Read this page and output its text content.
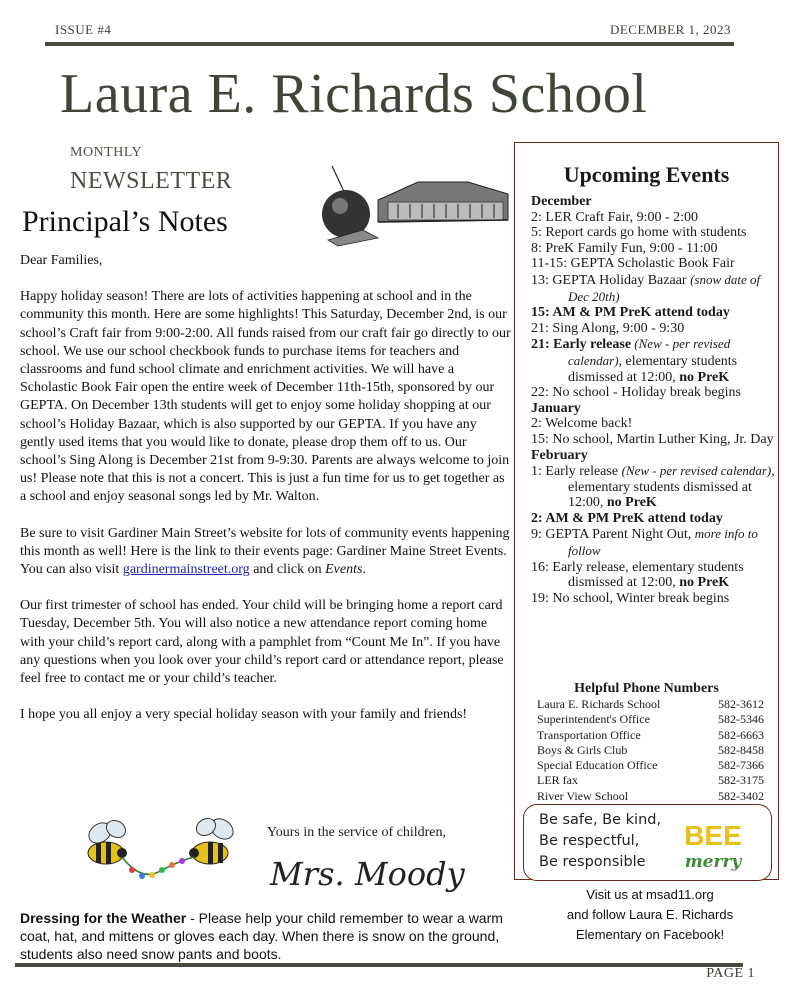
ISSUE #4	DECEMBER 1, 2023
Laura E. Richards School
MONTHLY
NEWSLETTER
Principal’s Notes

Dear Families,

Happy holiday season! There are lots of activities happening at school and in the community this month. Here are some highlights! This Saturday, December 2nd, is our school’s Craft fair from 9:00-2:00. All funds raised from our craft fair go directly to our school. We use our school checkbook funds to purchase items for teachers and classrooms and fund school climate and enrichment activities. We will have a Scholastic Book Fair open the entire week of December 11th-15th, sponsored by our GEPTA. On December 13th students will get to enjoy some holiday shopping at our school’s Holiday Bazaar, which is also supported by our GEPTA. If you have any gently used items that you would like to donate, please drop them off to us. Our school’s Sing Along is December 21st from 9-9:30. Parents are always welcome to join us! Please note that this is not a concert. This is just a fun time for us to get together as a school and enjoy seasonal songs led by Mr. Walton.

Be sure to visit Gardiner Main Street’s website for lots of community events happening this month as well! Here is the link to their events page: Gardiner Maine Street Events. You can also visit gardinermainstreet.org and click on Events.

Our first trimester of school has ended. Your child will be bringing home a report card Tuesday, December 5th. You will also notice a new attendance report coming home with your child’s report card, along with a pamphlet from “Count Me In”. If you have any questions when you look over your child’s report card or attendance report, please feel free to contact me or your child’s teacher.

I hope you all enjoy a very special holiday season with your family and friends!

Yours in the service of children,
Mrs. Moody
Dressing for the Weather - Please help your child remember to wear a warm coat, hat, and mittens or gloves each day. When there is snow on the ground, students also need snow pants and boots.
Upcoming Events
December
2: LER Craft Fair, 9:00 - 2:00
5: Report cards go home with students
8: PreK Family Fun, 9:00 - 11:00
11-15: GEPTA Scholastic Book Fair
13: GEPTA Holiday Bazaar (snow date of Dec 20th)
15: AM & PM PreK attend today
21: Sing Along, 9:00 - 9:30
21: Early release (New - per revised calendar), elementary students dismissed at 12:00, no PreK
22: No school - Holiday break begins
January
2: Welcome back!
15: No school, Martin Luther King, Jr. Day
February
1: Early release (New - per revised calendar), elementary students dismissed at 12:00, no PreK
2: AM & PM PreK attend today
9: GEPTA Parent Night Out, more info to follow
16: Early release, elementary students dismissed at 12:00, no PreK
19: No school, Winter break begins
Helpful Phone Numbers
Laura E. Richards School	582-3612
Superintendent's Office	582-5346
Transportation Office	582-6663
Boys & Girls Club	582-8458
Special Education Office	582-7366
LER fax	582-3175
River View School	582-3402
Be safe, Be kind,
Be respectful,
Be responsible
BEE
merry
Visit us at msad11.org
and follow Laura E. Richards
Elementary on Facebook!
PAGE 1
